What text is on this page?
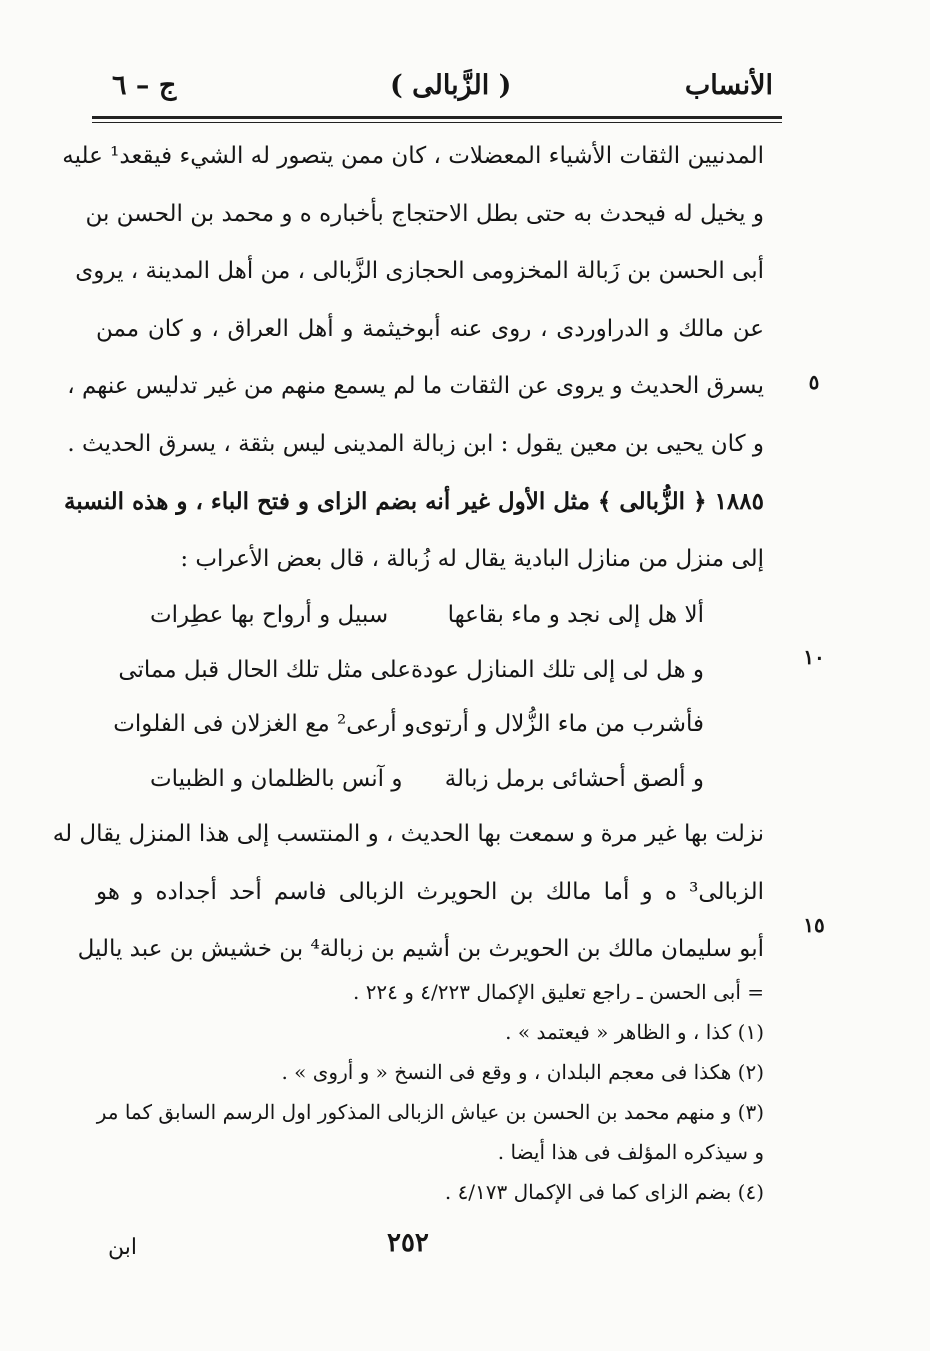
الأنساب
( الزَّبالى )
ج – ٦
المدنيين الثقات الأشياء المعضلات ، كان ممن يتصور له الشيء فيقعد¹ عليه
و يخيل له فيحدث به حتى بطل الاحتجاج بأخباره ه و محمد بن الحسن بن
أبى الحسن بن زَبالة المخزومى الحجازى الزَّبالى ، من أهل المدينة ، يروى
عن مالك و الدراوردى ، روى عنه أبوخيثمة و أهل العراق ، و كان ممن
يسرق الحديث و يروى عن الثقات ما لم يسمع منهم من غير تدليس عنهم ،
و كان يحيى بن معين يقول : ابن زبالة المدينى ليس بثقة ، يسرق الحديث .
١٨٨٥ ﴿ الزُّبالى ﴾ مثل الأول غير أنه بضم الزاى و فتح الباء ، و هذه النسبة
إلى منزل من منازل البادية يقال له زُبالة ، قال بعض الأعراب :
ألا هل إلى نجد و ماء بقاعها
سبيل و أرواح بها عطِرات
و هل لى إلى تلك المنازل عودة
على مثل تلك الحال قبل مماتى
فأشرب من ماء الزُّلال و أرتوى
و أرعى² مع الغزلان فى الفلوات
و ألصق أحشائى برمل زبالة
و آنس بالظلمان و الظبيات
نزلت بها غير مرة و سمعت بها الحديث ، و المنتسب إلى هذا المنزل يقال له
الزبالى³ ه و أما مالك بن الحويرث الزبالى فاسم أحد أجداده و هو
أبو سليمان مالك بن الحويرث بن أشيم بن زبالة⁴ بن خشيش بن عبد ياليل
٥
١٠
١٥
= أبى الحسن ـ راجع تعليق الإكمال ٤/٢٢٣ و ٢٢٤ .
(١) كذا ، و الظاهر « فيعتمد » .
(٢) هكذا فى معجم البلدان ، و وقع فى النسخ « و أروى » .
(٣) و منهم محمد بن الحسن بن عياش الزبالى المذكور اول الرسم السابق كما مر
و سيذكره المؤلف فى هذا أيضا .
(٤) بضم الزاى كما فى الإكمال ٤/١٧٣ .
٢٥٢
ابن
